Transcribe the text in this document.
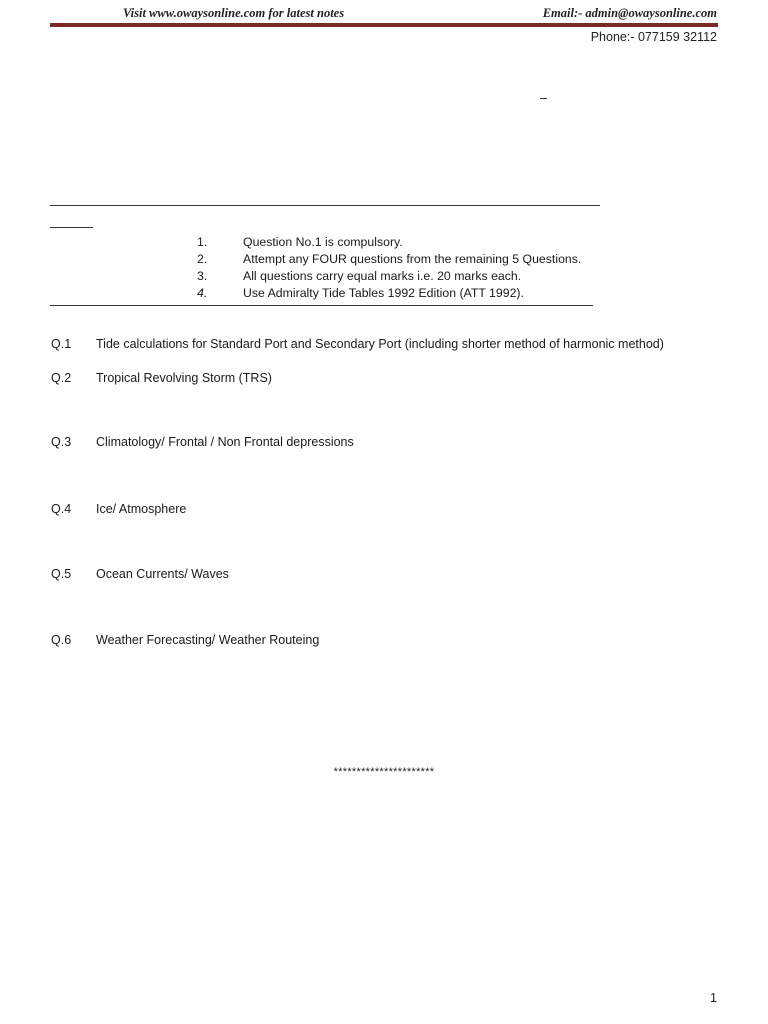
Visit www.owaysonline.com for latest notes	Email:- admin@owaysonline.com
Phone:- 077159 32112
1.	Question No.1 is compulsory.
2.	Attempt any FOUR questions from the remaining 5 Questions.
3.	All questions carry equal marks i.e. 20 marks each.
4.	Use Admiralty Tide Tables 1992 Edition (ATT 1992).
Q.1 Tide calculations for Standard Port and Secondary Port (including shorter method of harmonic method)
Q.2 Tropical Revolving Storm (TRS)
Q.3 Climatology/ Frontal / Non Frontal depressions
Q.4 Ice/ Atmosphere
Q.5 Ocean Currents/ Waves
Q.6 Weather Forecasting/ Weather Routeing
**********************
1
